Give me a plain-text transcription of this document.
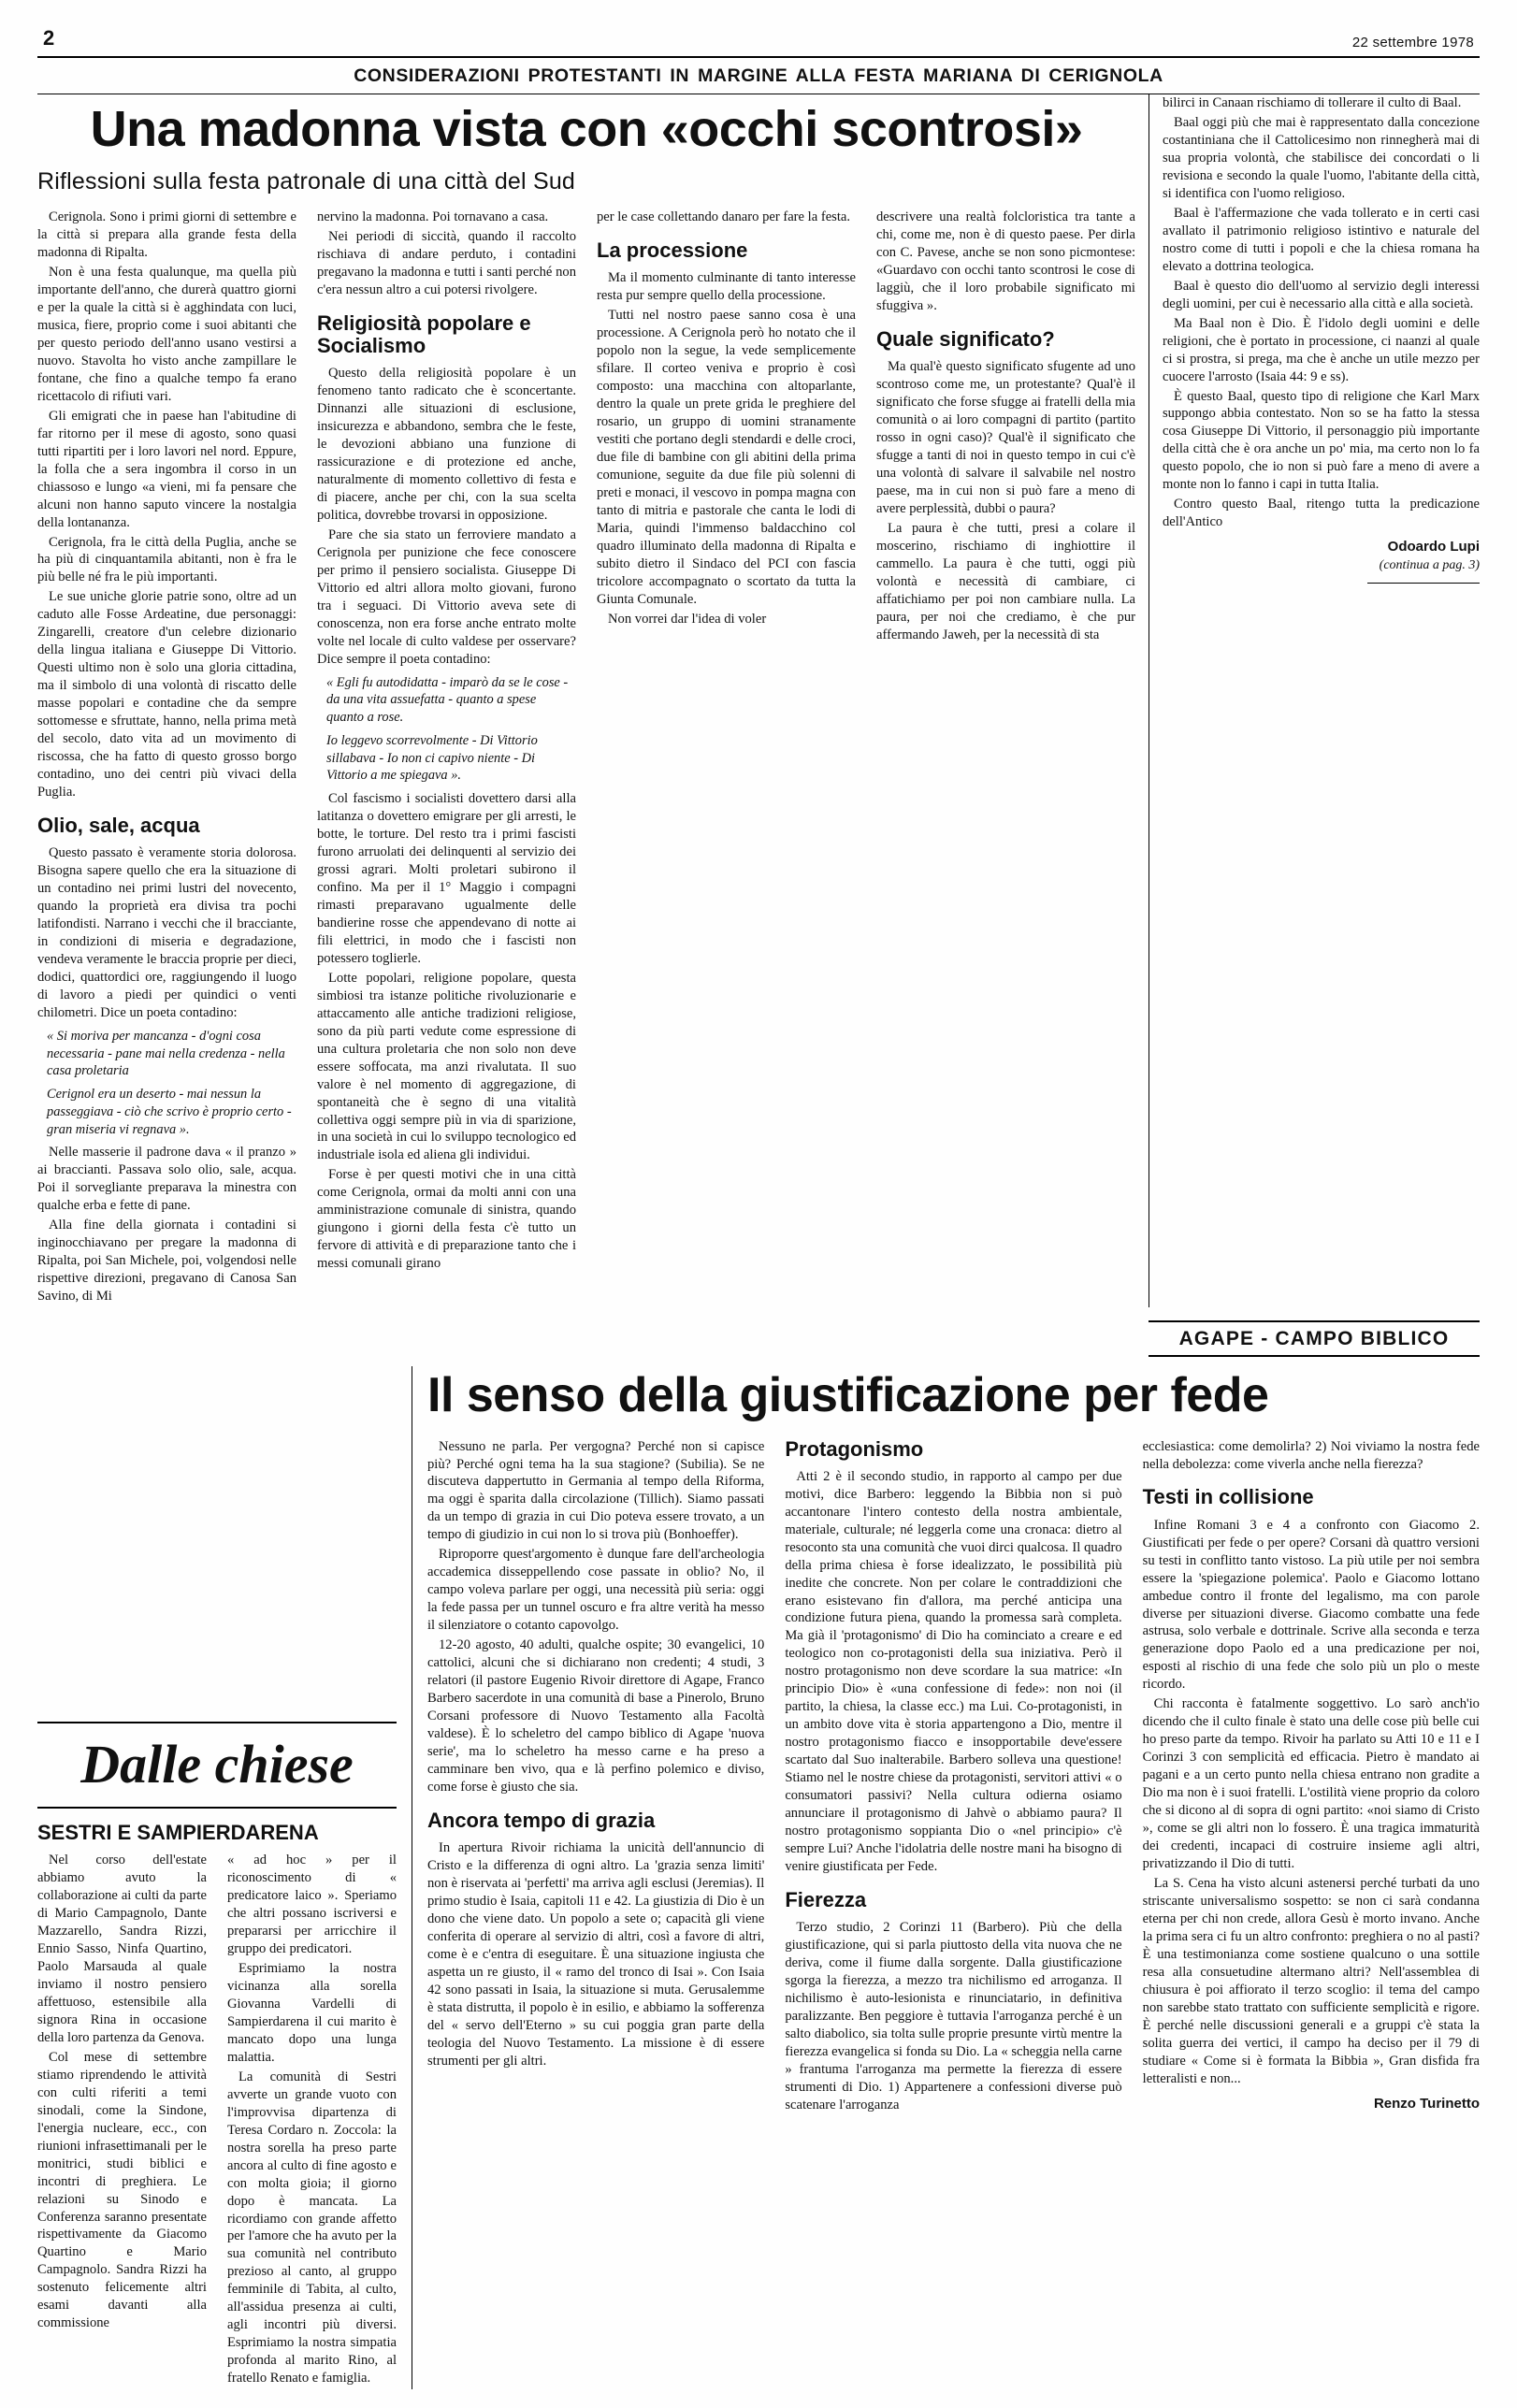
2	22 settembre 1978
CONSIDERAZIONI PROTESTANTI IN MARGINE ALLA FESTA MARIANA DI CERIGNOLA
Una madonna vista con «occhi scontrosi»
Riflessioni sulla festa patronale di una città del Sud

Cerignola. Sono i primi giorni di settembre e la città si prepara alla grande festa della madonna di Ripalta.

Non è una festa qualunque, ma quella più importante dell'anno, che durerà quattro giorni e per la quale la città si è agghindata con luci, musica, fiere, proprio come i suoi abitanti che per questo periodo dell'anno usano vestirsi a nuovo. Stavolta ho visto anche zampillare le fontane, che fino a qualche tempo fa erano ricettacolo di rifiuti vari.

Gli emigrati che in paese han l'abitudine di far ritorno per il mese di agosto, sono quasi tutti ripartiti per i loro lavori nel nord. Eppure, la folla che a sera ingombra il corso in un chiassoso e lungo «a vieni, mi fa pensare che alcuni non hanno saputo vincere la nostalgia della lontananza.

Cerignola, fra le città della Puglia, anche se ha più di cinquantamila abitanti, non è fra le più belle né fra le più importanti.

Le sue uniche glorie patrie sono, oltre ad un caduto alle Fosse Ardeatine, due personaggi: Zingarelli, creatore d'un celebre dizionario della lingua italiana e Giuseppe Di Vittorio. Questi ultimo non è solo una gloria cittadina, ma il simbolo di una volontà di riscatto delle masse popolari e contadine che da sempre sottomesse e sfruttate, hanno, nella prima metà del secolo, dato vita ad un movimento di riscossa, che ha fatto di questo grosso borgo contadino, uno dei centri più vivaci della Puglia.

Olio, sale, acqua

Questo passato è veramente storia dolorosa. Bisogna sapere quello che era la situazione di un contadino nei primi lustri del novecento, quando la proprietà era divisa tra pochi latifondisti. Narrano i vecchi che il bracciante, in condizioni di miseria e degradazione, vendeva veramente le braccia proprie per dieci, dodici, quattordici ore, raggiungendo il luogo di lavoro a piedi per quindici o venti chilometri. Dice un poeta contadino:

« Si moriva per mancanza - d'ogni cosa necessaria - pane mai nella credenza - nella casa proletaria
Cerignol era un deserto - mai nessun la passeggiava - ciò che scrivo è proprio certo - gran miseria vi regnava ».

Nelle masserie il padrone dava « il pranzo » ai braccianti. Passava solo olio, sale, acqua. Poi il sorvegliante preparava la minestra con qualche erba e fette di pane.

Alla fine della giornata i contadini si inginocchiavano per pregare la madonna di Ripalta, poi San Michele, poi, volgendosi nelle rispettive direzioni, pregavano di Canosa San Savino, di Mi

nervino la madonna. Poi tornavano a casa.

Nei periodi di siccità, quando il raccolto rischiava di andare perduto, i contadini pregavano la madonna e tutti i santi perché non c'era nessun altro a cui potersi rivolgere.

Religiosità popolare e Socialismo

Questo della religiosità popolare è un fenomeno tanto radicato che è sconcertante. Dinnanzi alle situazioni di esclusione, insicurezza e abbandono, sembra che le feste, le devozioni abbiano una funzione di rassicurazione e di protezione ed anche, naturalmente di momento collettivo di festa e di piacere, anche per chi, con la sua scelta politica, dovrebbe trovarsi in opposizione.

Pare che sia stato un ferroviere mandato a Cerignola per punizione che fece conoscere per primo il pensiero socialista. Giuseppe Di Vittorio ed altri allora molto giovani, furono tra i seguaci. Di Vittorio aveva sete di conoscenza, non era forse anche entrato molte volte nel locale di culto valdese per osservare? Dice sempre il poeta contadino:

« Egli fu autodidatta - imparò da se le cose - da una vita assuefatta - quanto a spese quanto a rose.
Io leggevo scorrevolmente - Di Vittorio sillabava - Io non ci capivo niente - Di Vittorio a me spiegava ».

Col fascismo i socialisti dovettero darsi alla latitanza o dovettero emigrare per gli arresti, le botte, le torture. Del resto tra i primi fascisti furono arruolati dei delinquenti al servizio dei grossi agrari. Molti proletari subirono il confino. Ma per il 1° Maggio i compagni rimasti preparavano ugualmente delle bandierine rosse che appendevano di notte ai fili elettrici, in modo che i fascisti non potessero toglierle.

Lotte popolari, religione popolare, questa simbiosi tra istanze politiche rivoluzionarie e attaccamento alle antiche tradizioni religiose, sono da più parti vedute come espressione di una cultura proletaria che non solo non deve essere soffocata, ma anzi rivalutata. Il suo valore è nel momento di aggregazione, di spontaneità che è segno di una vitalità collettiva oggi sempre più in via di sparizione, in una società in cui lo sviluppo tecnologico ed industriale isola ed aliena gli individui.

Forse è per questi motivi che in una città come Cerignola, ormai da molti anni con una amministrazione comunale di sinistra, quando giungono i giorni della festa c'è tutto un fervore di attività e di preparazione tanto che i messi comunali girano

per le case collettando danaro per fare la festa.

La processione

Ma il momento culminante di tanto interesse resta pur sempre quello della processione.

Tutti nel nostro paese sanno cosa è una processione. A Cerignola però ho notato che il popolo non la segue, la vede semplicemente sfilare. Il corteo veniva e proprio è così composto: una macchina con altoparlante, dentro la quale un prete grida le preghiere del rosario, un gruppo di uomini stranamente vestiti che portano degli stendardi e delle croci, due file di bambine con gli abitini della prima comunione, seguite da due file più solenni di preti e monaci, il vescovo in pompa magna con tanto di mitria e pastorale che canta le lodi di Maria, quindi l'immenso baldacchino col quadro illuminato della madonna di Ripalta e subito dietro il Sindaco del PCI con fascia tricolore accompagnato o scortato da tutta la Giunta Comunale.

Non vorrei dar l'idea di voler

descrivere una realtà folcloristica tra tante a chi, come me, non è di questo paese. Per dirla con C. Pavese, anche se non sono picmontese: «Guardavo con occhi tanto scontrosi le cose di laggiù, che il loro probabile significato mi sfuggiva ».

Quale significato?

Ma qual'è questo significato sfugente ad uno scontroso come me, un protestante? Qual'è il significato che forse sfugge ai fratelli della mia comunità o ai loro compagni di partito (partito rosso in ogni caso)? Qual'è il significato che sfugge a tanti di noi in questo tempo in cui c'è una volontà di salvare il salvabile nel nostro paese, ma in cui non si può fare a meno di avere perplessità, dubbi o paura?

La paura è che tutti, presi a colare il moscerino, rischiamo di inghiottire il cammello. La paura è che tutti, oggi più volontà e necessità di cambiare, ci affatichiamo per poi non cambiare nulla. La paura, per noi che crediamo, è che pur affermando Jaweh, per la necessità di sta

bilirci in Canaan rischiamo di tollerare il culto di Baal.

Baal oggi più che mai è rappresentato dalla concezione costantiniana che il Cattolicesimo non rinnegherà mai di sua propria volontà, che stabilisce dei concordati o li revisiona e secondo la quale l'uomo, l'abitante della città, si identifica con l'uomo religioso.

Baal è l'affermazione che vada tollerato e in certi casi avallato il patrimonio religioso istintivo e naturale del nostro come di tutti i popoli e che la chiesa romana ha elevato a dottrina teologica.

Baal è questo dio dell'uomo al servizio degli interessi degli uomini, per cui è necessario alla città e alla società.

Ma Baal non è Dio. È l'idolo degli uomini e delle religioni, che è portato in processione, ci naanzi al quale ci si prostra, si prega, ma che è anche un utile mezzo per cuocere l'arrosto (Isaia 44: 9 e ss).

È questo Baal, questo tipo di religione che Karl Marx suppongo abbia contestato. Non so se ha fatto la stessa cosa Giuseppe Di Vittorio, il personaggio più importante della città che è ora anche un po' mia, ma certo non lo fa questo popolo, che io non si può fare a meno di avere a monte non lo fanno i capi in tutta Italia.

Contro questo Baal, ritengo tutta la predicazione dell'Antico

Odoardo Lupi
(continua a pag. 3)
AGAPE - CAMPO BIBLICO
Dalle chiese
SESTRI E SAMPIERDARENA

Nel corso dell'estate abbiamo avuto la collaborazione ai culti da parte di Mario Campagnolo, Dante Mazzarello, Sandra Rizzi, Ennio Sasso, Ninfa Quartino, Paolo Marsauda al quale inviamo il nostro pensiero affettuoso, estensibile alla signora Rina in occasione della loro partenza da Genova.

Col mese di settembre stiamo riprendendo le attività con culti riferiti a temi sinodali, come la Sindone, l'energia nucleare, ecc., con riunioni infrasettimanali per le monitrici, studi biblici e incontri di preghiera. Le relazioni su Sinodo e Conferenza saranno presentate rispettivamente da Giacomo Quartino e Mario Campagnolo. Sandra Rizzi ha sostenuto felicemente altri esami davanti alla commissione

« ad hoc » per il riconoscimento di « predicatore laico ». Speriamo che altri possano iscriversi e prepararsi per arricchire il gruppo dei predicatori.

Esprimiamo la nostra vicinanza alla sorella Giovanna Vardelli di Sampierdarena il cui marito è mancato dopo una lunga malattia.

La comunità di Sestri avverte un grande vuoto con l'improvvisa dipartenza di Teresa Cordaro n. Zoccola: la nostra sorella ha preso parte ancora al culto di fine agosto e con molta gioia; il giorno dopo è mancata. La ricordiamo con grande affetto per l'amore che ha avuto per la sua comunità nel contributo prezioso al canto, al gruppo femminile di Tabita, al culto, all'assidua presenza ai culti, agli incontri più diversi. Esprimiamo la nostra simpatia profonda al marito Rino, al fratello Renato e famiglia.

Il senso della giustificazione per fede

Nessuno ne parla. Per vergogna? Perché non si capisce più? Perché ogni tema ha la sua stagione? (Subilia). Se ne discuteva dappertutto in Germania al tempo della Riforma, ma oggi è sparita dalla circolazione (Tillich). Siamo passati da un tempo di grazia in cui Dio poteva essere trovato, a un tempo di giudizio in cui non lo si trova più (Bonhoeffer).

Riproporre quest'argomento è dunque fare dell'archeologia accademica disseppellendo cose passate in oblio? No, il campo voleva parlare per oggi, una necessità più seria: oggi la fede passa per un tunnel oscuro e fra altre verità ha messo il silenziatore o cotanto capovolgo.

12-20 agosto, 40 adulti, qualche ospite; 30 evangelici, 10 cattolici, alcuni che si dichiarano non credenti; 4 studi, 3 relatori (il pastore Eugenio Rivoir direttore di Agape, Franco Barbero sacerdote in una comunità di base a Pinerolo, Bruno Corsani professore di Nuovo Testamento alla Facoltà valdese). È lo scheletro del campo biblico di Agape 'nuova serie', ma lo scheletro ha messo carne e ha preso a camminare ben vivo, qua e là perfino polemico e diviso, come forse è giusto che sia.

Ancora tempo di grazia

In apertura Rivoir richiama la unicità dell'annuncio di Cristo e la differenza di ogni altro. La 'grazia senza limiti' non è riservata ai 'perfetti' ma arriva agli esclusi (Jeremias). Il primo studio è Isaia, capitoli 11 e 42. La giustizia di Dio è un dono che viene dato. Un popolo a sete o; capacità gli viene conferita di operare al servizio di altri, così a favore di altri, come è e c'entra di eseguitare. È una situazione ingiusta che aspetta un re giusto, il « ramo del tronco di Isai ». Con Isaia 42 sono passati in Isaia, la situazione si muta. Gerusalemme è stata distrutta, il popolo è in esilio, e abbiamo la sofferenza del « servo dell'Eterno » su cui poggia gran parte della teologia del Nuovo Testamento. La missione è di essere strumenti per gli altri.

Protagonismo

Atti 2 è il secondo studio, in rapporto al campo per due motivi, dice Barbero: leggendo la Bibbia non si può accantonare l'intero contesto della nostra ambientale, materiale, culturale; né leggerla come una cronaca: dietro al resoconto sta una comunità che vuoi dirci qualcosa. Il quadro della prima chiesa è forse idealizzato, le possibilità più inedite che concrete. Non per colare le contraddizioni che erano esistevano fin d'allora, ma perché anticipa una condizione futura piena, quando la promessa sarà completa. Ma già il 'protagonismo' di Dio ha cominciato a creare e ed teologico non co-protagonisti della sua iniziativa. Però il nostro protagonismo non deve scordare la sua matrice: «In principio Dio» è «una confessione di fede»: non noi (il partito, la chiesa, la classe ecc.) ma Lui. Co-protagonisti, in un ambito dove vita è storia appartengono a Dio, mentre il nostro protagonismo fiacco e insopportabile deve'essere scartato dal Suo inalterabile. Barbero solleva una questione! Stiamo nel le nostre chiese da protagonisti, servitori attivi « o consumatori passivi? Nella cultura odierna osiamo annunciare il protagonismo di Jahvè o abbiamo paura? Il nostro protagonismo soppianta Dio o «nel principio» c'è sempre Lui? Anche l'idolatria delle nostre mani ha bisogno di venire giustificata per Fede.

Fierezza

Terzo studio, 2 Corinzi 11 (Barbero). Più che della giustificazione, qui si parla piuttosto della vita nuova che ne deriva, come il fiume dalla sorgente. Dalla giustificazione sgorga la fierezza, a mezzo tra nichilismo ed arroganza. Il nichilismo è auto-lesionista e rinunciatario, in definitiva paralizzante. Ben peggiore è tuttavia l'arroganza perché è un salto diabolico, sia tolta sulle proprie presunte virtù mentre la fierezza evangelica si fonda su Dio. La « scheggia nella carne » frantuma l'arroganza ma permette la fierezza di essere strumenti di Dio. 1) Appartenere a confessioni diverse può scatenare l'arroganza

ecclesiastica: come demolirla? 2) Noi viviamo la nostra fede nella debolezza: come viverla anche nella fierezza?

Testi in collisione

Infine Romani 3 e 4 a confronto con Giacomo 2. Giustificati per fede o per opere? Corsani dà quattro versioni su testi in conflitto tanto vistoso. La più utile per noi sembra essere la 'spiegazione polemica'. Paolo e Giacomo lottano ambedue contro il fronte del legalismo, ma con parole diverse per situazioni diverse. Giacomo combatte una fede astrusa, solo verbale e dottrinale. Scrive alla seconda e terza generazione dopo Paolo ed a una predicazione per noi, esposti al rischio di una fede che solo più un plo o meste ricordo.

Chi racconta è fatalmente soggettivo. Lo sarò anch'io dicendo che il culto finale è stato una delle cose più belle cui ho preso parte da tempo. Rivoir ha parlato su Atti 10 e 11 e I Corinzi 3 con semplicità ed efficacia. Pietro è mandato ai pagani e a un certo punto nella chiesa entrano non gradite a Dio ma non è i suoi fratelli. L'ostilità viene proprio da coloro che si dicono al di sopra di ogni partito: «noi siamo di Cristo », come se gli altri non lo fossero. È una tragica immaturità dei credenti, incapaci di costruire insieme agli altri, privatizzando il Dio di tutti.

La S. Cena ha visto alcuni astenersi perché turbati da uno striscante universalismo sospetto: se non ci sarà condanna eterna per chi non crede, allora Gesù è morto invano. Anche la prima sera ci fu un altro confronto: preghiera o no al pasti? È una testimonianza come sostiene qualcuno o una sottile resa alla consuetudine altermano altri? Nell'assemblea di chiusura è poi affiorato il terzo scoglio: il tema del campo non sarebbe stato trattato con sufficiente semplicità e rigore. È perché nelle discussioni generali e a gruppi c'è stata la solita guerra dei vertici, il campo ha deciso per il 79 di studiare « Come si è formata la Bibbia », Gran disfida fra letteralisti e non...

Renzo Turinetto
